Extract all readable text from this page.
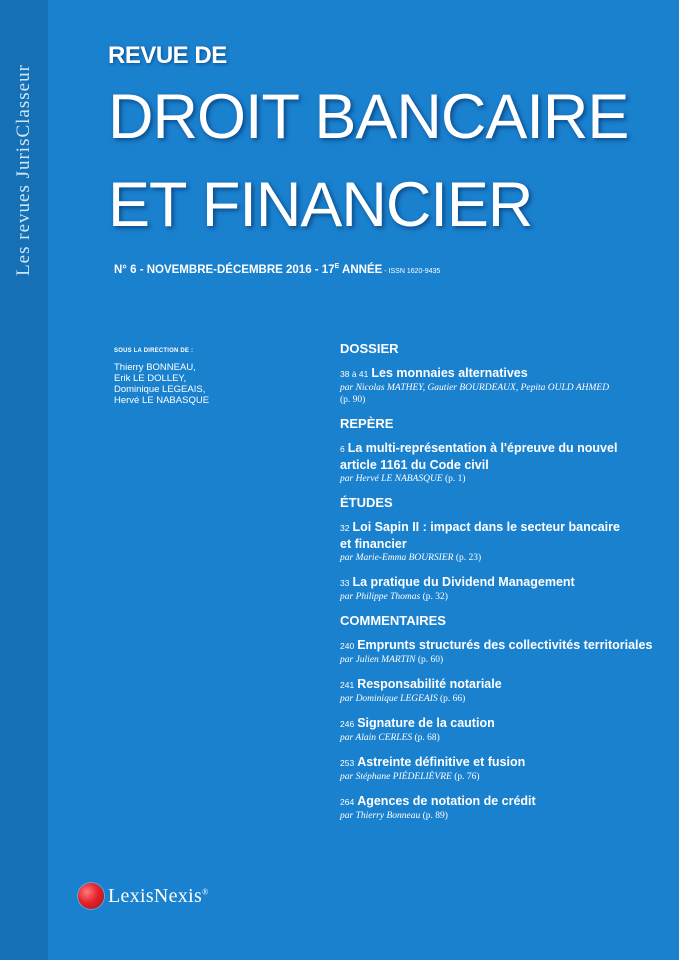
Les revues JurisClasseur
REVUE DE
DROIT BANCAIRE
ET FINANCIER
N° 6 - NOVEMBRE-DÉCEMBRE $2016 - 17^E$ ANNÉE - ISSN 1620-9435
SOUS LA DIRECTION DE :
Thierry BONNEAU,
Erik LE DOLLEY,
Dominique LEGEAIS,
Hervé LE NABASQUE
DOSSIER
38 à 41 Les monnaies alternatives
par Nicolas MATHEY, Gautier BOURDEAUX, Pepita OULD AHMED
(p. 90)
REPÈRE
6 La multi-représentation à l'épreuve du nouvel
article 1161 du Code civil
par Hervé LE NABASQUE (p. 1)
ÉTUDES
32 Loi Sapin II : impact dans le secteur bancaire
et financier
par Marie-Emma BOURSIER (p. 23)
33 La pratique du Dividend Management
par Philippe Thomas (p. 32)
COMMENTAIRES
240 Emprunts structurés des collectivités territoriales
par Julien MARTIN (p. 60)
241 Responsabilité notariale
par Dominique LEGEAIS (p. 66)
246 Signature de la caution
par Alain CERLES (p. 68)
253 Astreinte définitive et fusion
par Stéphane PIÉDELIÈVRE (p. 76)
264 Agences de notation de crédit
par Thierry Bonneau (p. 89)
LexisNexis®
